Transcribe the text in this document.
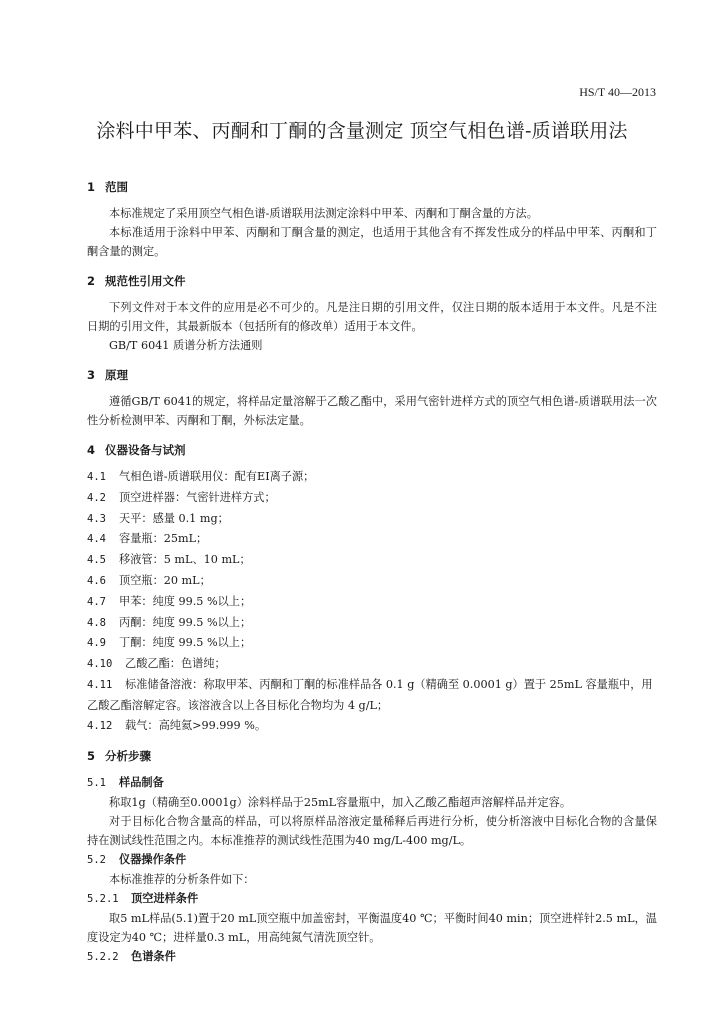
HS/T 40—2013
涂料中甲苯、丙酮和丁酮的含量测定 顶空气相色谱-质谱联用法
1 范围

本标准规定了采用顶空气相色谱-质谱联用法测定涂料中甲苯、丙酮和丁酮含量的方法。

本标准适用于涂料中甲苯、丙酮和丁酮含量的测定，也适用于其他含有不挥发性成分的样品中甲苯、丙酮和丁酮含量的测定。

2 规范性引用文件

下列文件对于本文件的应用是必不可少的。凡是注日期的引用文件，仅注日期的版本适用于本文件。凡是不注日期的引用文件，其最新版本（包括所有的修改单）适用于本文件。

GB/T 6041 质谱分析方法通则

3 原理

遵循GB/T 6041的规定，将样品定量溶解于乙酸乙酯中，采用气密针进样方式的顶空气相色谱-质谱联用法一次性分析检测甲苯、丙酮和丁酮，外标法定量。

4 仪器设备与试剂

4.1 气相色谱-质谱联用仪：配有EI离子源；

4.2 顶空进样器：气密针进样方式；

4.3 天平：感量 0.1 mg；

4.4 容量瓶：25mL；

4.5 移液管：5 mL、10 mL；

4.6 顶空瓶：20 mL；

4.7 甲苯：纯度 99.5 %以上；

4.8 丙酮：纯度 99.5 %以上；

4.9 丁酮：纯度 99.5 %以上；

4.10 乙酸乙酯：色谱纯；

4.11 标准储备溶液：称取甲苯、丙酮和丁酮的标准样品各 0.1 g（精确至 0.0001 g）置于 25mL 容量瓶中，用乙酸乙酯溶解定容。该溶液含以上各目标化合物均为 4 g/L；

4.12 载气：高纯氦>99.999 %。

5 分析步骤

5.1 样品制备

称取1g（精确至0.0001g）涂料样品于25mL容量瓶中，加入乙酸乙酯超声溶解样品并定容。

对于目标化合物含量高的样品，可以将原样品溶液定量稀释后再进行分析，使分析溶液中目标化合物的含量保持在测试线性范围之内。本标准推荐的测试线性范围为40 mg/L-400 mg/L。

5.2 仪器操作条件

本标准推荐的分析条件如下：

5.2.1 顶空进样条件

取5 mL样品(5.1)置于20 mL顶空瓶中加盖密封，平衡温度40 ℃；平衡时间40 min；顶空进样针2.5 mL，温度设定为40 ℃；进样量0.3 mL，用高纯氮气清洗顶空针。

5.2.2 色谱条件
